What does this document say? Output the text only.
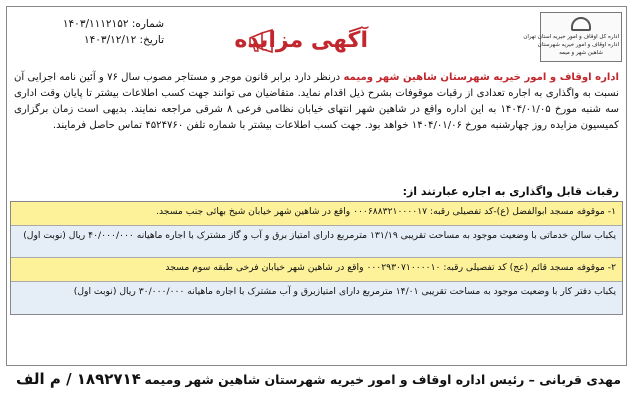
اداره کل اوقاف و امور خیریه استان تهران
اداره اوقاف و امور خیریه شهرستان
شاهین شهر و میمه
آگهی مزایده
شماره: ۱۴۰۳/۱۱۱۲۱۵۲
تاریخ: ۱۴۰۳/۱۲/۱۲
اداره اوقاف و امور خیریه شهرستان شاهین شهر ومیمه درنظر دارد برابر قانون موجر و مستاجر مصوب سال ۷۶ و آئین نامه اجرایی آن نسبت به واگذاری به اجاره تعدادی از رقبات موقوفات بشرح ذیل اقدام نماید. متقاضیان می توانند جهت کسب اطلاعات بیشتر تا پایان وقت اداری سه شنبه مورخ ۱۴۰۴/۰۱/۰۵ به این اداره واقع در شاهین شهر انتهای خیابان نظامی فرعی ۸ شرقی مراجعه نمایند. بدیهی است زمان برگزاری کمیسیون مزایده روز چهارشنبه مورخ ۱۴۰۴/۰۱/۰۶ خواهد بود. جهت کسب اطلاعات بیشتر با شماره تلفن ۴۵۲۴۷۶۰ تماس حاصل فرمایند.
رقبات قابل واگذاری به اجاره عبارتند از:
۱- موقوفه مسجد ابوالفضل (ع)-کد تفصیلی رقبه: ۰۰۰۶۸۸۳۲۱۰۰۰۰۱۷ واقع در شاهین شهر خیابان شیخ بهائی جنب مسجد.
یکباب سالن خدماتی با وضعیت موجود به مساحت تقریبی ۱۳۱/۱۹ مترمربع دارای امتیاز برق و آب و گاز مشترک با اجاره ماهیانه ۴۰/۰۰۰/۰۰۰ ریال (نوبت اول)
۲- موقوفه مسجد قائم (عج) کد تفصیلی رقبه: ۰۰۰۲۹۳۰۷۱۰۰۰۰۱۰ واقع در شاهین شهر خیابان فرخی طبقه سوم مسجد
یکباب دفتر کار با وضعیت موجود به مساحت تقریبی ۱۴/۰۱ مترمربع دارای امتیازبرق و آب مشترک با اجاره ماهیانه ۳۰/۰۰۰/۰۰۰ ریال (نوبت اول)
۱۸۹۲۷۱۴ / م الف مهدی قربانی – رئیس اداره اوقاف و امور خیریه شهرستان شاهین شهر ومیمه
